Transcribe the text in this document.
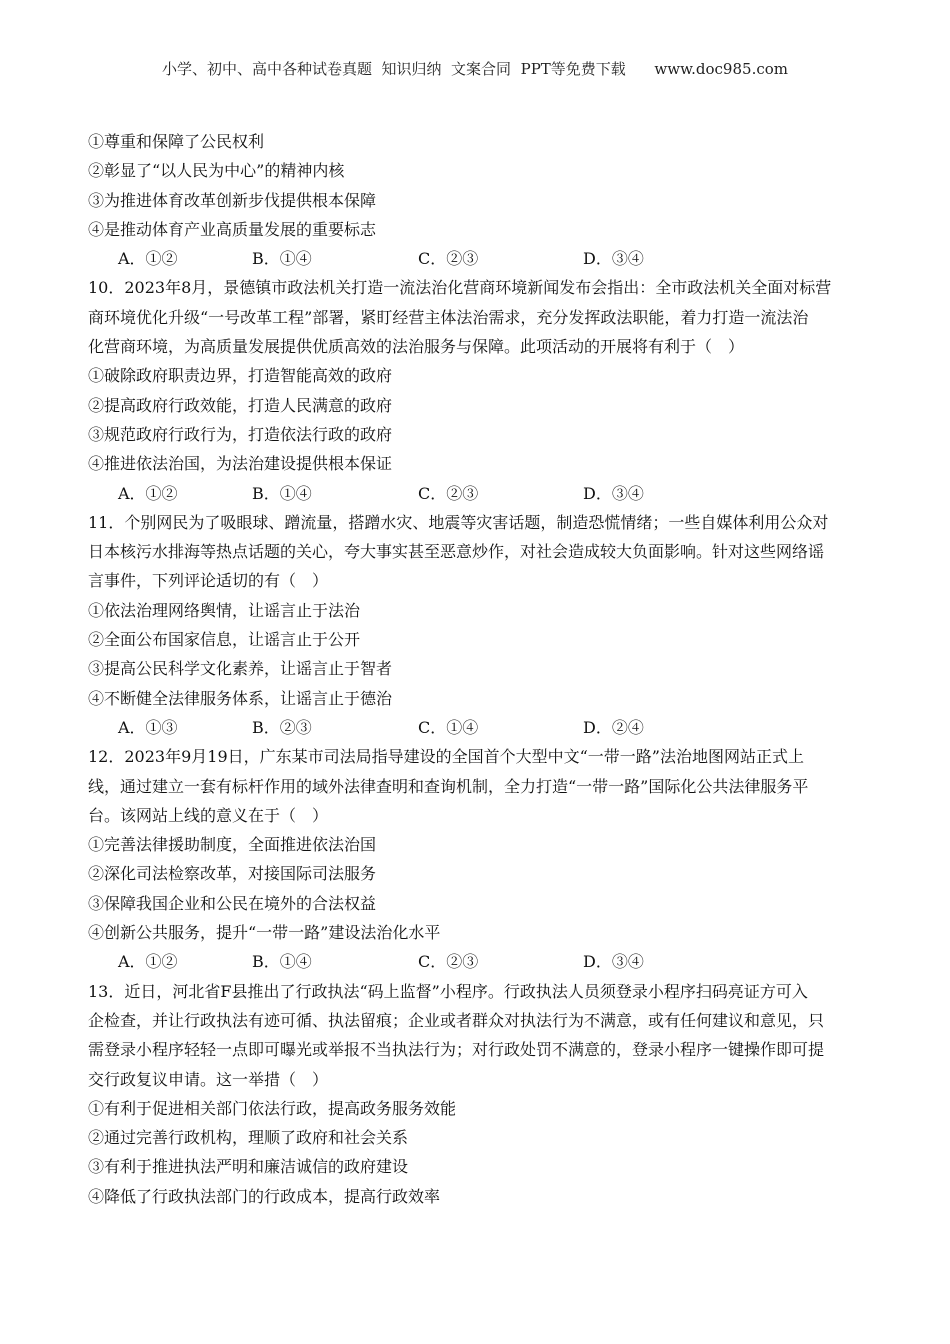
小学、初中、高中各种试卷真题  知识归纳  文案合同  PPT等免费下载      www.doc985.com
①尊重和保障了公民权利
②彰显了“以人民为中心”的精神内核
③为推进体育改革创新步伐提供根本保障
④是推动体育产业高质量发展的重要标志
A．①②	B．①④	C．②③	D．③④
10．2023年8月，景德镇市政法机关打造一流法治化营商环境新闻发布会指出：全市政法机关全面对标营
商环境优化升级“一号改革工程”部署，紧盯经营主体法治需求，充分发挥政法职能，着力打造一流法治
化营商环境，为高质量发展提供优质高效的法治服务与保障。此项活动的开展将有利于（　）
①破除政府职责边界，打造智能高效的政府
②提高政府行政效能，打造人民满意的政府
③规范政府行政行为，打造依法行政的政府
④推进依法治国，为法治建设提供根本保证
A．①②	B．①④	C．②③	D．③④
11．个别网民为了吸眼球、蹭流量，搭蹭水灾、地震等灾害话题，制造恐慌情绪；一些自媒体利用公众对
日本核污水排海等热点话题的关心，夸大事实甚至恶意炒作，对社会造成较大负面影响。针对这些网络谣
言事件，下列评论适切的有（　）
①依法治理网络舆情，让谣言止于法治
②全面公布国家信息，让谣言止于公开
③提高公民科学文化素养，让谣言止于智者
④不断健全法律服务体系，让谣言止于德治
A．①③	B．②③	C．①④	D．②④
12．2023年9月19日，广东某市司法局指导建设的全国首个大型中文“一带一路”法治地图网站正式上
线，通过建立一套有标杆作用的域外法律查明和查询机制，全力打造“一带一路”国际化公共法律服务平
台。该网站上线的意义在于（　）
①完善法律援助制度，全面推进依法治国
②深化司法检察改革，对接国际司法服务
③保障我国企业和公民在境外的合法权益
④创新公共服务，提升“一带一路”建设法治化水平
A．①②	B．①④	C．②③	D．③④
13．近日，河北省F县推出了行政执法“码上监督”小程序。行政执法人员须登录小程序扫码亮证方可入
企检查，并让行政执法有迹可循、执法留痕；企业或者群众对执法行为不满意，或有任何建议和意见，只
需登录小程序轻轻一点即可曝光或举报不当执法行为；对行政处罚不满意的，登录小程序一键操作即可提
交行政复议申请。这一举措（　）
①有利于促进相关部门依法行政，提高政务服务效能
②通过完善行政机构，理顺了政府和社会关系
③有利于推进执法严明和廉洁诚信的政府建设
④降低了行政执法部门的行政成本，提高行政效率
